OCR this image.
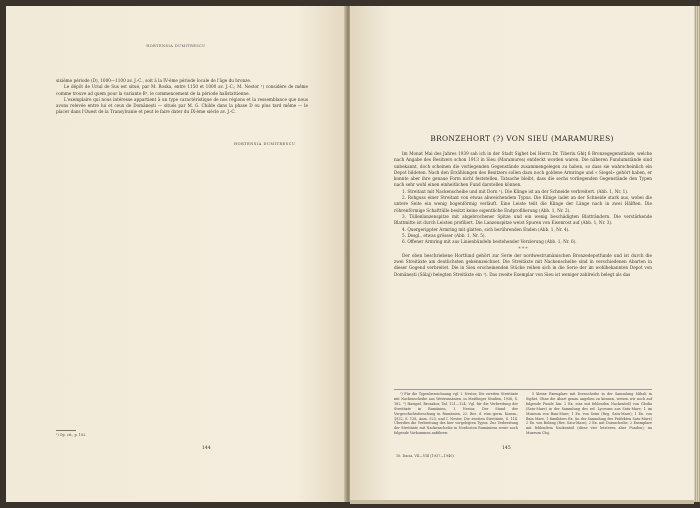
HORTENSIA DUMITRESCU

sixième période (D), 1000—1100 av. J.-C., soit à la IV-ème période locale de l'âge du bronze.

Le dépôt de Uriul de Sus est situé, par M. Roska, entre 1150 et 1000 av. J.-C.; M. Nestor ¹) considère de même comme trouve ad quem pour la variante B², le commencement de la période hallstattienne.

L'exemplaire qui nous intéresse appartient à un type caractéristique de nos régions et la ressemblance que nous avons relevée entre lui et ceux de Domănești — situés par M. G. Childe dans la phase D ou plus tard même — le placer dans l'Ouest de la Transylvanie et peut le faire dater du IX-ème siècle av. J.-C.

HORTENSIA DUMITRESCU
¹) Op. cit., p. 102.
144
BRONZEHORT (?) VON SIEU (MARAMURES)

Im Monat Mai des Jahres 1939 sah ich in der Stadt Sighet bei Herrn Dr. Tiberiu Ghiţ 6 Bronzegegenstände, welche nach Angabe des Besitzers schon 1913 in Sieu (Maramureș) entdeckt worden waren. Die näheren Fundumstände sind unbekannt, doch scheinen die vorliegenden Gegenstände zusammengelegen zu haben, so dass sie wahrscheinlich ein Depot bildeten. Nach den Erzählungen des Besitzers sollen dazu noch goldene Armringe und « Siegel» gehört haben, er konnte aber ihre genaue Form nicht feststellen. Tatsache bleibt, dass die sechs vorliegenden Gegenstände den Typen nach sehr wohl einen einheitlichen Fund darstellen können.

1. Streitaxt mit Nackenscheibe und mit Dorn ¹). Die Klinge ist an der Schneide verbreitert. (Abb. 1, Nr. 1).

2. Rohguss einer Streitaxt von etwas abweichendem Typus. Die Klinge ladet an der Schneide stark aus, wobei die untere Seite ein wenig bogenförmig verläuft. Eine Leiste teilt die Klinge der Länge nach in zwei Hälften. Die röhrenförmige Schafttülle besitzt keine eigentliche Endprofilierung (Abb. 1, Nr. 2).

3. Tüllenlanzenspitze mit abgebrochener Spitze und ein wenig beschädigten Blatträndern. Die verstärkende Blattmitte ist durch Leisten profiliert. Die Lanzenspitze weist Spuren von Eisenrost auf (Abb. 1, Nr. 3).

4. Quergerippter Armring mit glatten, sich berührenden Enden (Abb. 1, Nr. 4).

5. Desgl., etwas grösser (Abb. 1, Nr. 5).

6. Offener Armring mit aus Linienbündeln bestehender Verzierung (Abb. 1, Nr. 6).

* * *

Der oben beschriebene Hortfund gehört zur Serie der nordwestrumänischen Bronzedepotfunde und ist durch die zwei Streitäxte am deutlichsten gekennzeichnet. Die Streitäxte mit Nackenscheibe sind in verschiedenen Abarten in dieser Gegend verbreitet. Die in Sieu erscheinenden Stücke reihen sich in die Serie der im wohlbekannten Depot von Domănești (Sălaj) belegten Streitäxte ein ²). Das zweite Exemplar von Sieu ist weniger zahlreich belegt als das

¹) Für die Typenbezeichnung vgl. I. Nestor, Die zweiten Streitäxte mit Nackenscheibe aus Westrumänien, in Mattheger Studien, 1936, S. 182. ²) Hampel, Bronzkor, Taf. 121—124; Vgl. für die Verbreitung der Streitäxte in Rumänien, I. Nestor, Der Stand der Vorgeschichtsforschung in Rumänien, 22. Ber. d. röm.-germ. Komm., 1932, S. 128, Anm. 523, und I. Nestor, Die zweiten Streitäxte, S. 114. Überdies die Verbreitung des hier vorgelegten Typus. Zur Verbreitung der Streitäxte mit Nackenscheibe in Nordosten Rumäniens sowie noch folgende Vorkommen anführen:

5 kleine Exemplare mit Dornscheibe in der Sammlung Mihali in Sighet. Ohne die Abart genau angeben zu können, weisen wir noch auf folgende Funde hin: 2 Ex. eins mit fehlenden Nackenteil) von Glodia (Satu-Mare) in der Sammlung des ref. Lyceums aus Satu-Mare; 1 im Museum von Baia-Mare; 1 Ex. von Seini (Reg. Satu-Mare); 1 Ex. von Baia Mare, 1 familiäres Ex. (in der Sammlung des Präfekten Satu-Mare) 2 Ex. von Bobing (Rev. Satu-Mare), 2 Ex. mit Dornscheibe, 2 Exemplare mit fehlendem Nackenteil (diese vier letzteren aber Funden); im Museum Cluj.

10. Dacia, VII—VIII (1937—1940).
145
